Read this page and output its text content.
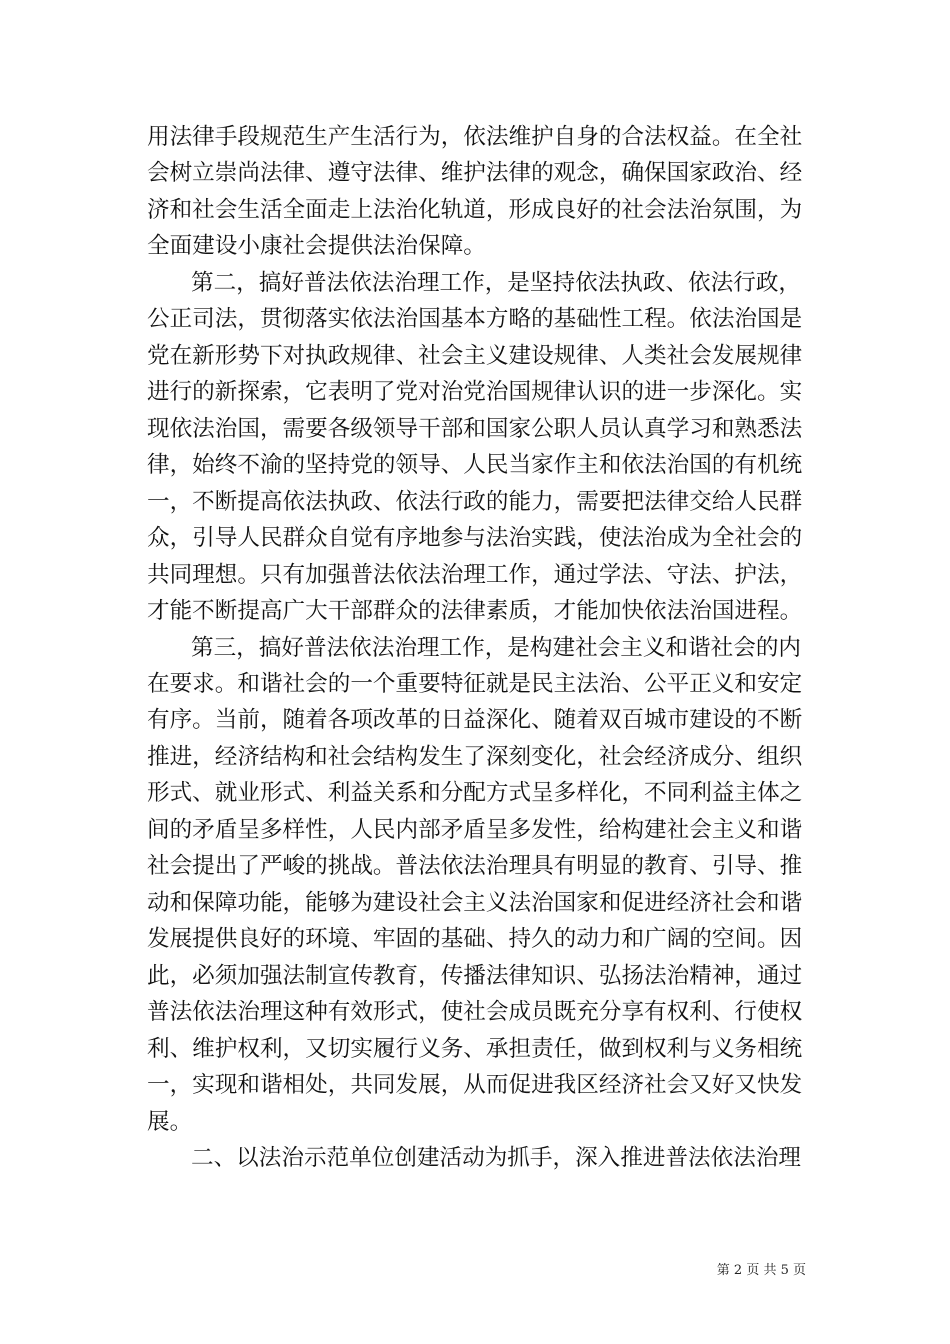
用法律手段规范生产生活行为，依法维护自身的合法权益。在全社
会树立崇尚法律、遵守法律、维护法律的观念，确保国家政治、经
济和社会生活全面走上法治化轨道，形成良好的社会法治氛围，为
全面建设小康社会提供法治保障。
第二，搞好普法依法治理工作，是坚持依法执政、依法行政，
公正司法，贯彻落实依法治国基本方略的基础性工程。依法治国是
党在新形势下对执政规律、社会主义建设规律、人类社会发展规律
进行的新探索，它表明了党对治党治国规律认识的进一步深化。实
现依法治国，需要各级领导干部和国家公职人员认真学习和熟悉法
律，始终不渝的坚持党的领导、人民当家作主和依法治国的有机统
一，不断提高依法执政、依法行政的能力，需要把法律交给人民群
众，引导人民群众自觉有序地参与法治实践，使法治成为全社会的
共同理想。只有加强普法依法治理工作，通过学法、守法、护法，
才能不断提高广大干部群众的法律素质，才能加快依法治国进程。
第三，搞好普法依法治理工作，是构建社会主义和谐社会的内
在要求。和谐社会的一个重要特征就是民主法治、公平正义和安定
有序。当前，随着各项改革的日益深化、随着双百城市建设的不断
推进，经济结构和社会结构发生了深刻变化，社会经济成分、组织
形式、就业形式、利益关系和分配方式呈多样化，不同利益主体之
间的矛盾呈多样性，人民内部矛盾呈多发性，给构建社会主义和谐
社会提出了严峻的挑战。普法依法治理具有明显的教育、引导、推
动和保障功能，能够为建设社会主义法治国家和促进经济社会和谐
发展提供良好的环境、牢固的基础、持久的动力和广阔的空间。因
此，必须加强法制宣传教育，传播法律知识、弘扬法治精神，通过
普法依法治理这种有效形式，使社会成员既充分享有权利、行使权
利、维护权利，又切实履行义务、承担责任，做到权利与义务相统
一，实现和谐相处，共同发展，从而促进我区经济社会又好又快发
展。
二、以法治示范单位创建活动为抓手，深入推进普法依法治理
第 2 页 共 5 页
